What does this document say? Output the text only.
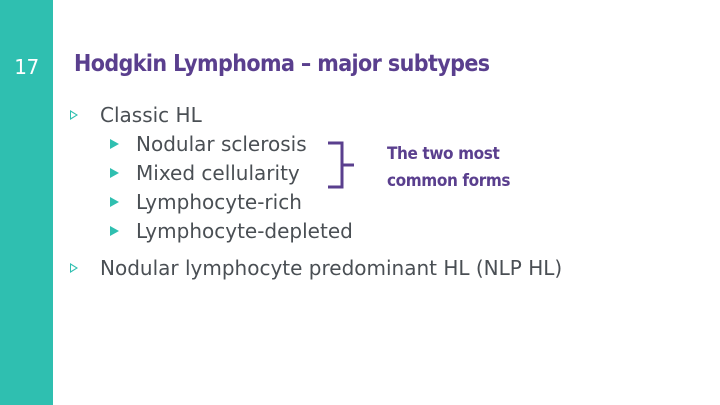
17	Hodgkin Lymphoma – major subtypes
Classic HL
Nodular sclerosis
Mixed cellularity
Lymphocyte-rich
Lymphocyte-depleted
Nodular lymphocyte predominant HL (NLP HL)
The two most
common forms
